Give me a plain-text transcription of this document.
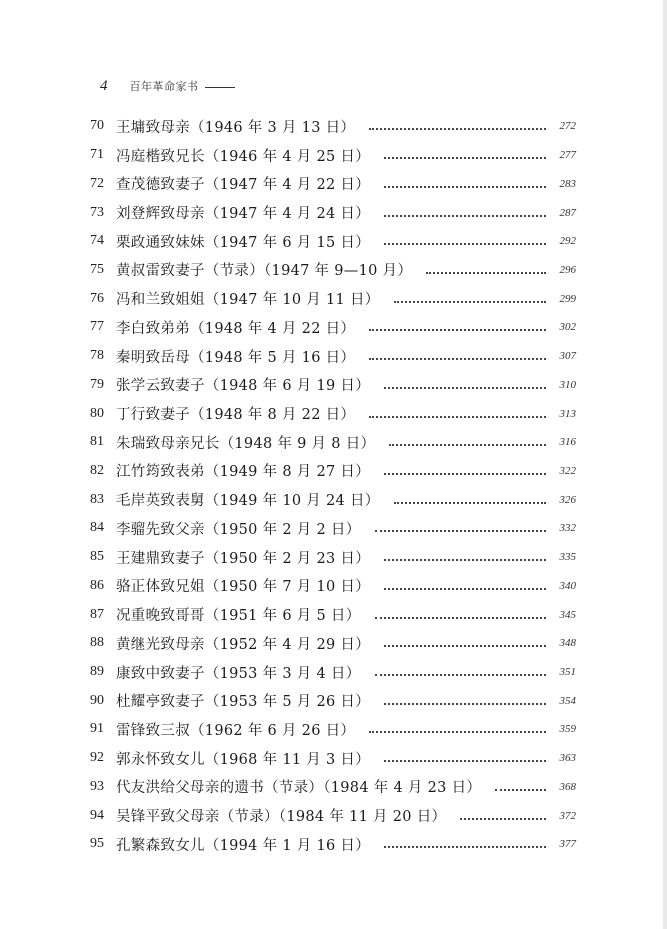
4 百年革命家书
70 王墉致母亲（1946 年 3 月 13 日）	272
71 冯庭楷致兄长（1946 年 4 月 25 日）	277
72 查茂德致妻子（1947 年 4 月 22 日）	283
73 刘登辉致母亲（1947 年 4 月 24 日）	287
74 栗政通致妹妹（1947 年 6 月 15 日）	292
75 黄叔雷致妻子（节录）（1947 年 9—10 月）	296
76 冯和兰致姐姐（1947 年 10 月 11 日）	299
77 李白致弟弟（1948 年 4 月 22 日）	302
78 秦明致岳母（1948 年 5 月 16 日）	307
79 张学云致妻子（1948 年 6 月 19 日）	310
80 丁行致妻子（1948 年 8 月 22 日）	313
81 朱瑞致母亲兄长（1948 年 9 月 8 日）	316
82 江竹筠致表弟（1949 年 8 月 27 日）	322
83 毛岸英致表舅（1949 年 10 月 24 日）	326
84 李骝先致父亲（1950 年 2 月 2 日）	332
85 王建鼎致妻子（1950 年 2 月 23 日）	335
86 骆正体致兄姐（1950 年 7 月 10 日）	340
87 况重晚致哥哥（1951 年 6 月 5 日）	345
88 黄继光致母亲（1952 年 4 月 29 日）	348
89 康致中致妻子（1953 年 3 月 4 日）	351
90 杜耀亭致妻子（1953 年 5 月 26 日）	354
91 雷锋致三叔（1962 年 6 月 26 日）	359
92 郭永怀致女儿（1968 年 11 月 3 日）	363
93 代友洪给父母亲的遗书（节录）（1984 年 4 月 23 日）	368
94 吴锋平致父母亲（节录）（1984 年 11 月 20 日）	372
95 孔繁森致女儿（1994 年 1 月 16 日）	377
